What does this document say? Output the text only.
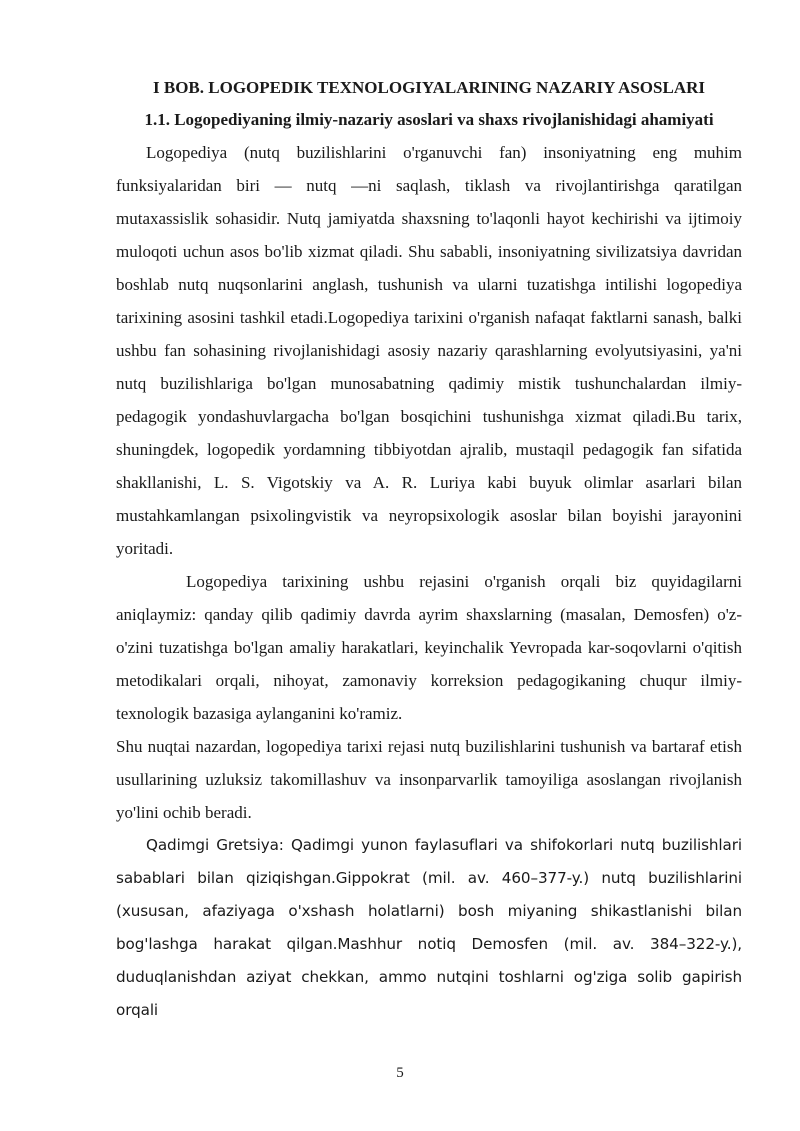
I BOB. LOGOPEDIK TEXNOLOGIYALARINING NAZARIY ASOSLARI

1.1. Logopediyaning ilmiy-nazariy asoslari va shaxs rivojlanishidagi ahamiyati

Logopediya (nutq buzilishlarini o'rganuvchi fan) insoniyatning eng muhim funksiyalaridan biri — nutq —ni saqlash, tiklash va rivojlantirishga qaratilgan mutaxassislik sohasidir. Nutq jamiyatda shaxsning to'laqonli hayot kechirishi va ijtimoiy muloqoti uchun asos bo'lib xizmat qiladi. Shu sababli, insoniyatning sivilizatsiya davridan boshlab nutq nuqsonlarini anglash, tushunish va ularni tuzatishga intilishi logopediya tarixining asosini tashkil etadi.Logopediya tarixini o'rganish nafaqat faktlarni sanash, balki ushbu fan sohasining rivojlanishidagi asosiy nazariy qarashlarning evolyutsiyasini, ya'ni nutq buzilishlariga bo'lgan munosabatning qadimiy mistik tushunchalardan ilmiy-pedagogik yondashuvlargacha bo'lgan bosqichini tushunishga xizmat qiladi.Bu tarix, shuningdek, logopedik yordamning tibbiyotdan ajralib, mustaqil pedagogik fan sifatida shakllanishi, L. S. Vigotskiy va A. R. Luriya kabi buyuk olimlar asarlari bilan mustahkamlangan psixolingvistik va neyropsixologik asoslar bilan boyishi jarayonini yoritadi.

Logopediya tarixining ushbu rejasini o'rganish orqali biz quyidagilarni aniqlaymiz: qanday qilib qadimiy davrda ayrim shaxslarning (masalan, Demosfen) o'z-o'zini tuzatishga bo'lgan amaliy harakatlari, keyinchalik Yevropada kar-soqovlarni o'qitish metodikalari orqali, nihoyat, zamonaviy korreksion pedagogikaning chuqur ilmiy-texnologik bazasiga aylanganini ko'ramiz.

Shu nuqtai nazardan, logopediya tarixi rejasi nutq buzilishlarini tushunish va bartaraf etish usullarining uzluksiz takomillashuv va insonparvarlik tamoyiliga asoslangan rivojlanish yo'lini ochib beradi.

Qadimgi Gretsiya: Qadimgi yunon faylasuflari va shifokorlari nutq buzilishlari sabablari bilan qiziqishgan.Gippokrat (mil. av. 460–377-y.) nutq buzilishlarini (xususan, afaziyaga o'xshash holatlarni) bosh miyaning shikastlanishi bilan bog'lashga harakat qilgan.Mashhur notiq Demosfen (mil. av. 384–322-y.), duduqlanishdan aziyat chekkan, ammo nutqini toshlarni og'ziga solib gapirish orqali

5
